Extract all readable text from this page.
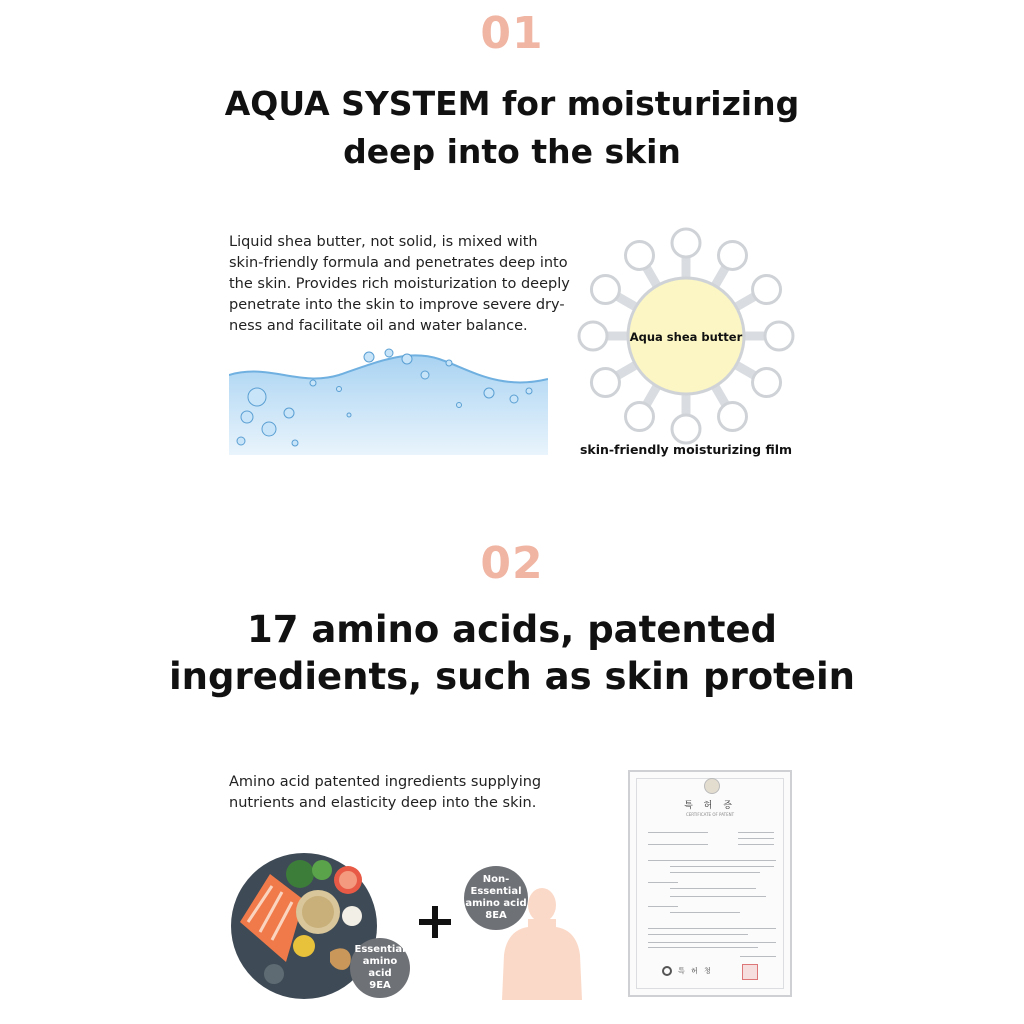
01
AQUA SYSTEM for moisturizing
deep into the skin
Liquid shea butter, not solid, is mixed with
skin-friendly formula and penetrates deep into
the skin. Provides rich moisturization to deeply
penetrate into the skin to improve severe dry-
ness and facilitate oil and water balance.
Aqua shea butter
skin-friendly moisturizing film
02
17 amino acids, patented
ingredients, such as skin protein
Amino acid patented ingredients supplying
nutrients and elasticity deep into the skin.
Essential
amino acid
9EA
Non-
Essential
amino acid
8EA
특 허 증
CERTIFICATE OF PATENT
특 허 청
